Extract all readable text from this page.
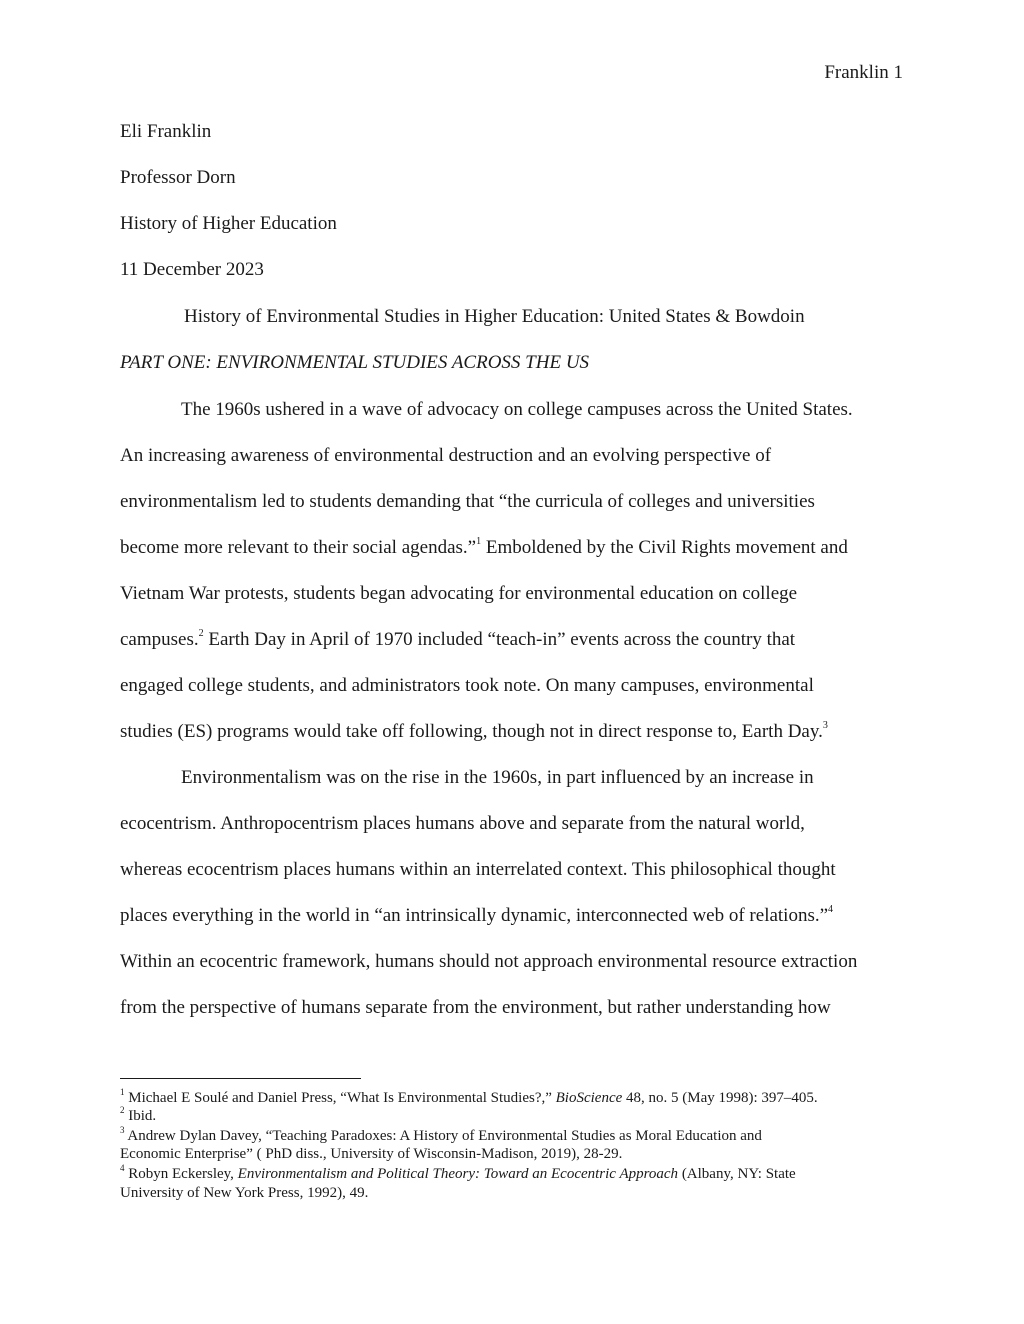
Franklin 1
Eli Franklin
Professor Dorn
History of Higher Education
11 December 2023
History of Environmental Studies in Higher Education: United States & Bowdoin
PART ONE: ENVIRONMENTAL STUDIES ACROSS THE US
The 1960s ushered in a wave of advocacy on college campuses across the United States.
An increasing awareness of environmental destruction and an evolving perspective of
environmentalism led to students demanding that “the curricula of colleges and universities
become more relevant to their social agendas.”$^1$ Emboldened by the Civil Rights movement and
Vietnam War protests, students began advocating for environmental education on college
campuses.$^2$ Earth Day in April of 1970 included “teach-in” events across the country that
engaged college students, and administrators took note. On many campuses, environmental
studies (ES) programs would take off following, though not in direct response to, Earth Day.$^3$
Environmentalism was on the rise in the 1960s, in part influenced by an increase in
ecocentrism. Anthropocentrism places humans above and separate from the natural world,
whereas ecocentrism places humans within an interrelated context. This philosophical thought
places everything in the world in “an intrinsically dynamic, interconnected web of relations.”$^4$
Within an ecocentric framework, humans should not approach environmental resource extraction
from the perspective of humans separate from the environment, but rather understanding how
$^1$ Michael E Soulé and Daniel Press, “What Is Environmental Studies?,” BioScience 48, no. 5 (May 1998): 397–405.
$^2$ Ibid.
$^3$ Andrew Dylan Davey, “Teaching Paradoxes: A History of Environmental Studies as Moral Education and
Economic Enterprise” ( PhD diss., University of Wisconsin-Madison, 2019), 28-29.
$^4$ Robyn Eckersley, Environmentalism and Political Theory: Toward an Ecocentric Approach (Albany, NY: State
University of New York Press, 1992), 49.
